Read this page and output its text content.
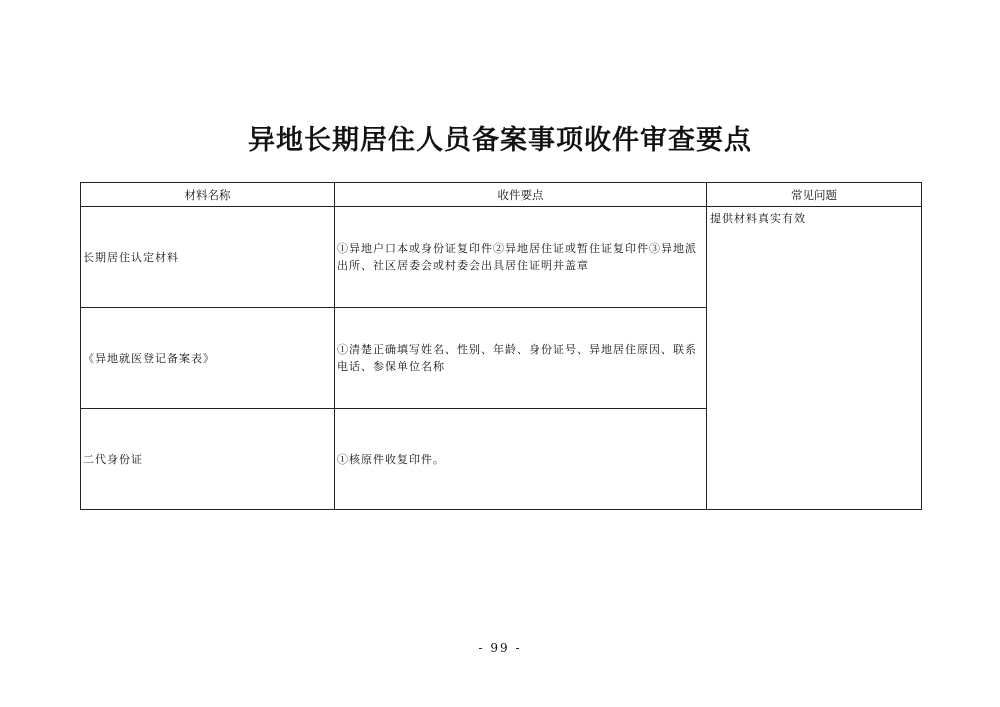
异地长期居住人员备案事项收件审查要点
材料名称	收件要点	常见问题
长期居住认定材料	①异地户口本或身份证复印件②异地居住证或暂住证复印件③异地派出所、社区居委会或村委会出具居住证明并盖章	提供材料真实有效
《异地就医登记备案表》	①清楚正确填写姓名、性别、年龄、身份证号、异地居住原因、联系电话、参保单位名称	
二代身份证	①核原件收复印件。	
- 99 -
